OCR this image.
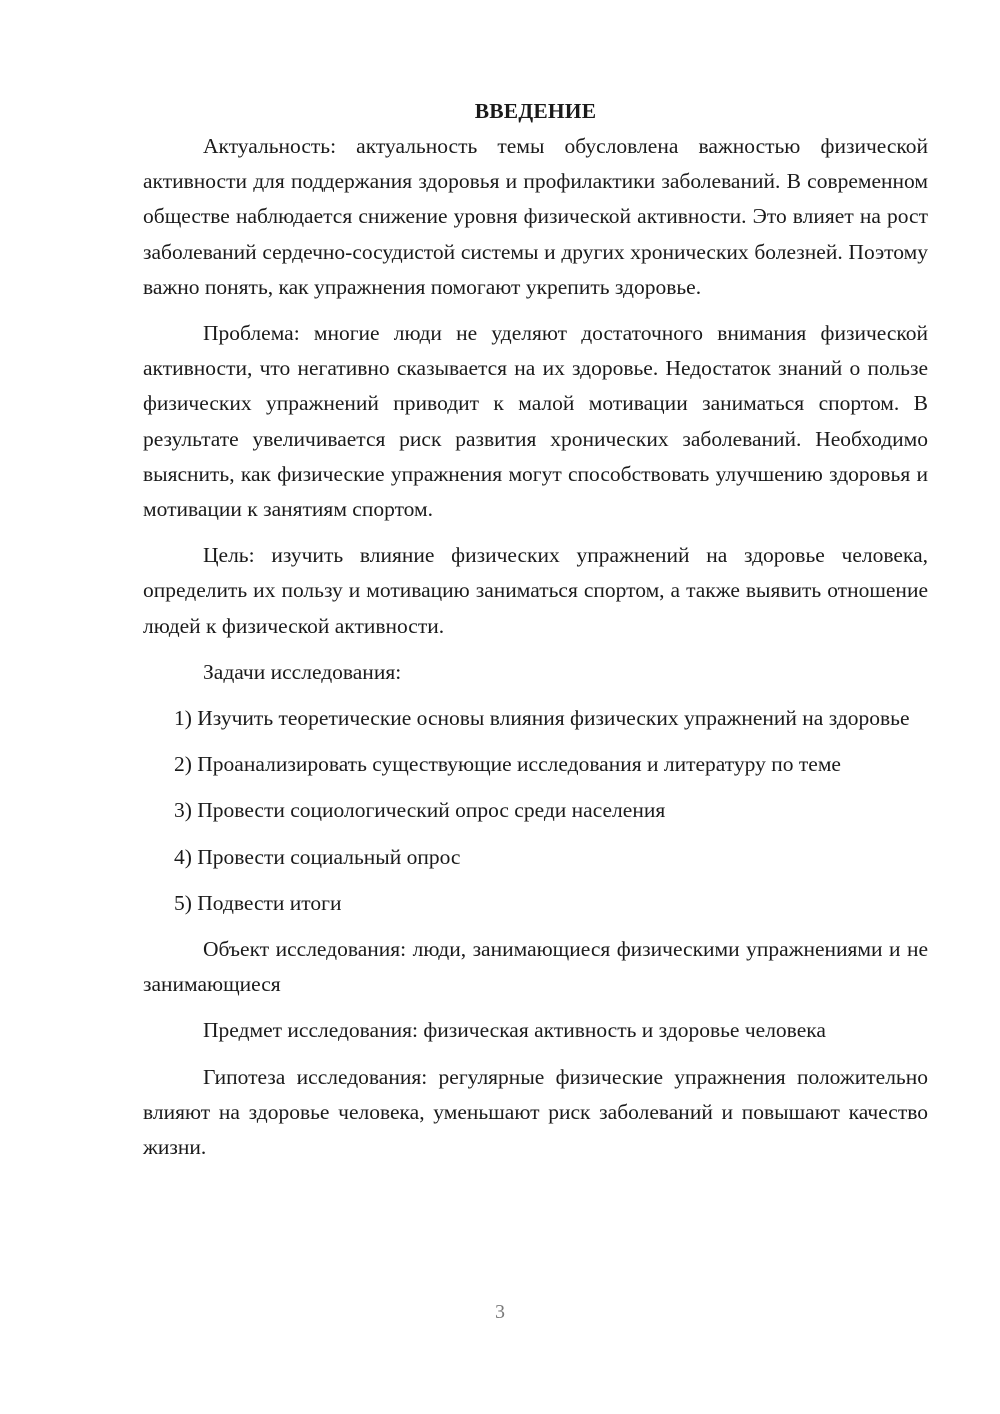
ВВЕДЕНИЕ

Актуальность: актуальность темы обусловлена важностью физической активности для поддержания здоровья и профилактики заболеваний. В современном обществе наблюдается снижение уровня физической активности. Это влияет на рост заболеваний сердечно-сосудистой системы и других хронических болезней. Поэтому важно понять, как упражнения помогают укрепить здоровье.

Проблема: многие люди не уделяют достаточного внимания физической активности, что негативно сказывается на их здоровье. Недостаток знаний о пользе физических упражнений приводит к малой мотивации заниматься спортом. В результате увеличивается риск развития хронических заболеваний. Необходимо выяснить, как физические упражнения могут способствовать улучшению здоровья и мотивации к занятиям спортом.

Цель: изучить влияние физических упражнений на здоровье человека, определить их пользу и мотивацию заниматься спортом, а также выявить отношение людей к физической активности.

Задачи исследования:

1) Изучить теоретические основы влияния физических упражнений на здоровье

2) Проанализировать существующие исследования и литературу по теме

3) Провести социологический опрос среди населения

4) Провести социальный опрос

5) Подвести итоги

Объект исследования: люди, занимающиеся физическими упражнениями и не занимающиеся

Предмет исследования: физическая активность и здоровье человека

Гипотеза исследования: регулярные физические упражнения положительно влияют на здоровье человека, уменьшают риск заболеваний и повышают качество жизни.

3
